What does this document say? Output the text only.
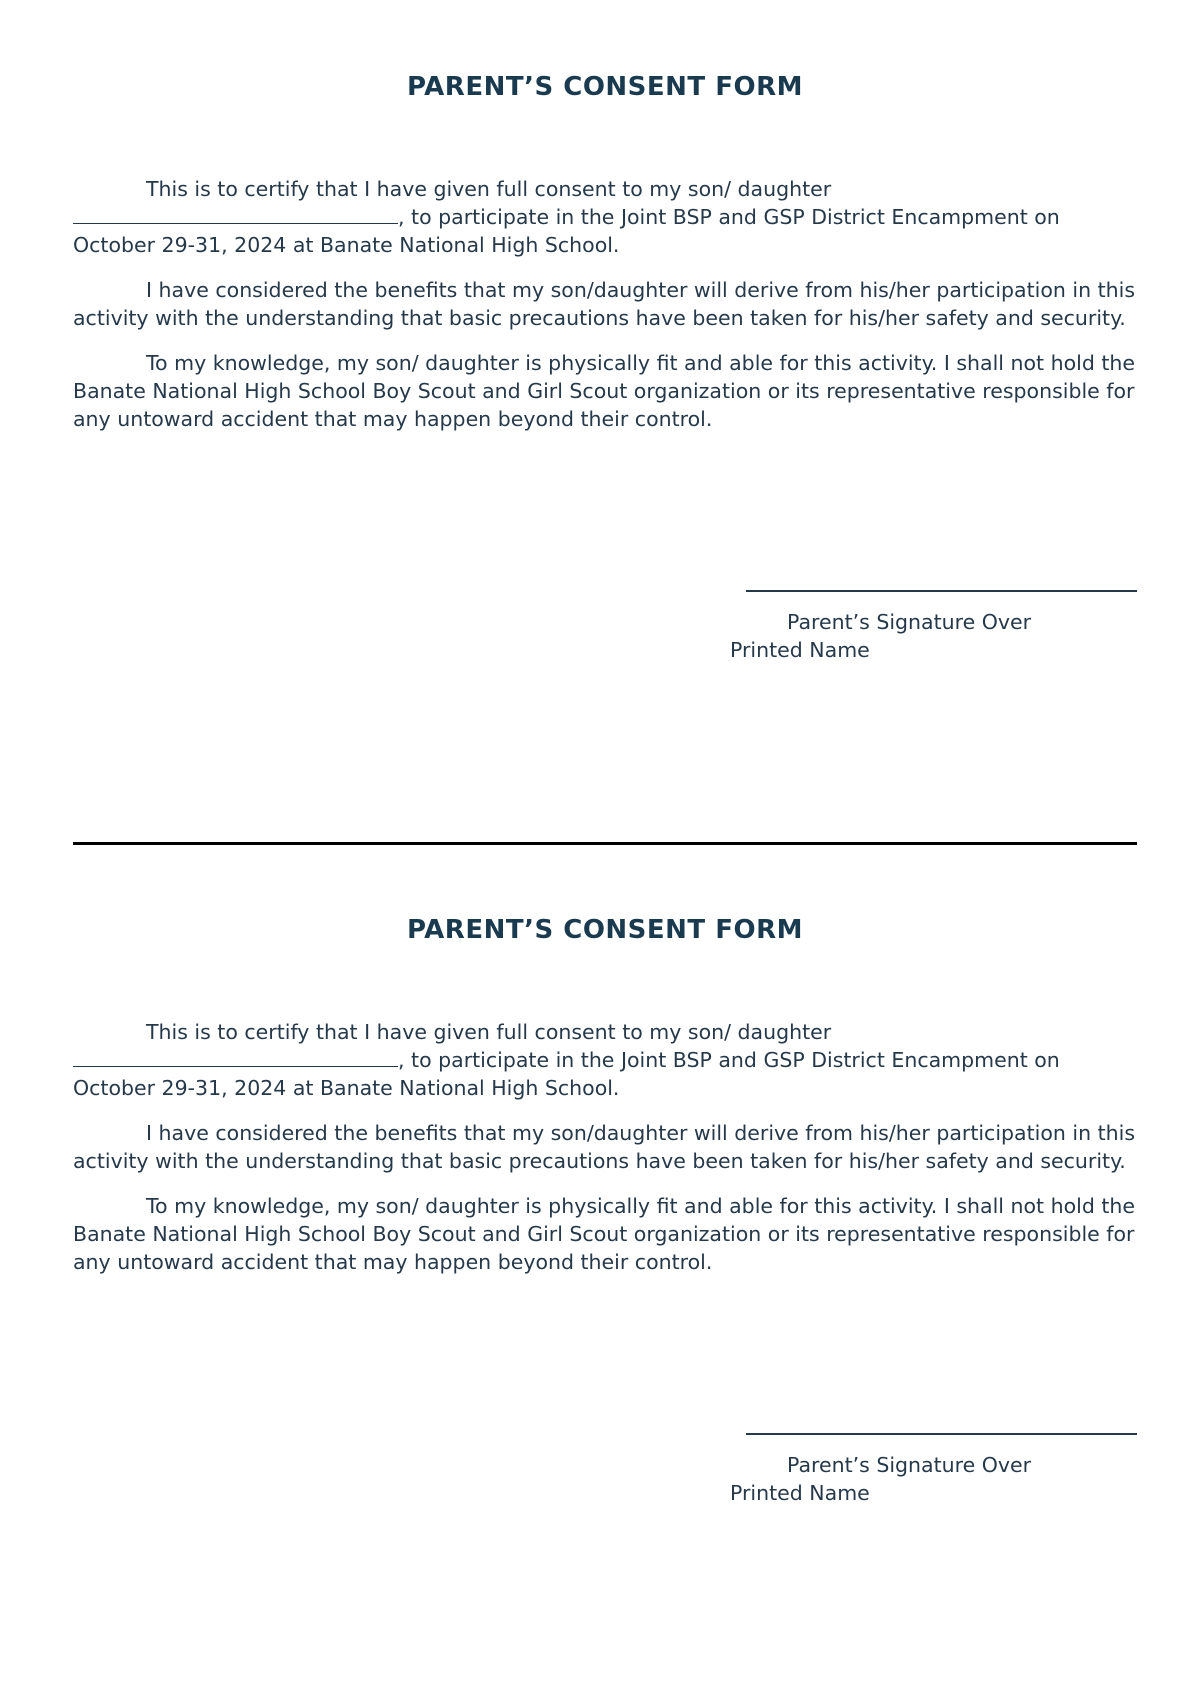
PARENT’S CONSENT FORM

This is to certify that I have given full consent to my son/ daughter
, to participate in the Joint BSP and GSP District Encampment on October 29-31, 2024 at Banate National High School.

I have considered the benefits that my son/daughter will derive from his/her participation in this activity with the understanding that basic precautions have been taken for his/her safety and security.

To my knowledge, my son/ daughter is physically fit and able for this activity. I shall not hold the Banate National High School Boy Scout and Girl Scout organization or its representative responsible for any untoward accident that may happen beyond their control.

Parent’s Signature Over
Printed Name
PARENT’S CONSENT FORM

This is to certify that I have given full consent to my son/ daughter
, to participate in the Joint BSP and GSP District Encampment on October 29-31, 2024 at Banate National High School.

I have considered the benefits that my son/daughter will derive from his/her participation in this activity with the understanding that basic precautions have been taken for his/her safety and security.

To my knowledge, my son/ daughter is physically fit and able for this activity. I shall not hold the Banate National High School Boy Scout and Girl Scout organization or its representative responsible for any untoward accident that may happen beyond their control.

Parent’s Signature Over
Printed Name
